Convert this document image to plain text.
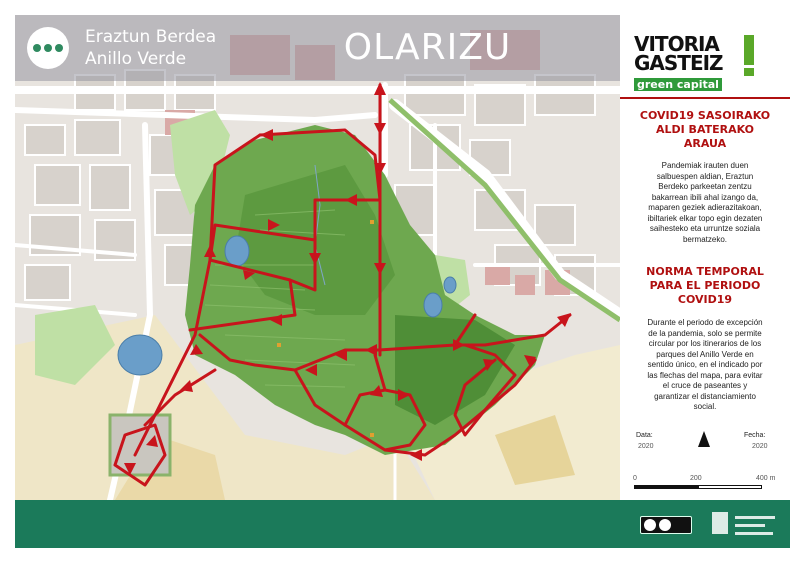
Eraztun Berdea
Anillo Verde	OLARIZU	VITORIA
GASTEIZ
green capital
COVID19 SASOIRAKO
ALDI BATERAKO
ARAUA
Pandemiak irauten duen
salbuespen aldian, Eraztun
Berdeko parkeetan zentzu
bakarrean ibili ahal izango da,
maparen geziek adierazitakoan,
ibiltariek elkar topo egin dezaten
saihesteko eta urruntze soziala
bermatzeko.
NORMA TEMPORAL
PARA EL PERIODO
COVID19
Durante el periodo de excepción
de la pandemia, solo se permite
circular por los itinerarios de los
parques del Anillo Verde en
sentido único, en el indicado por
las flechas del mapa, para evitar
el cruce de paseantes y
garantizar el distanciamiento
social.
Data:
2020
Fecha:
2020
0	200	400 m
